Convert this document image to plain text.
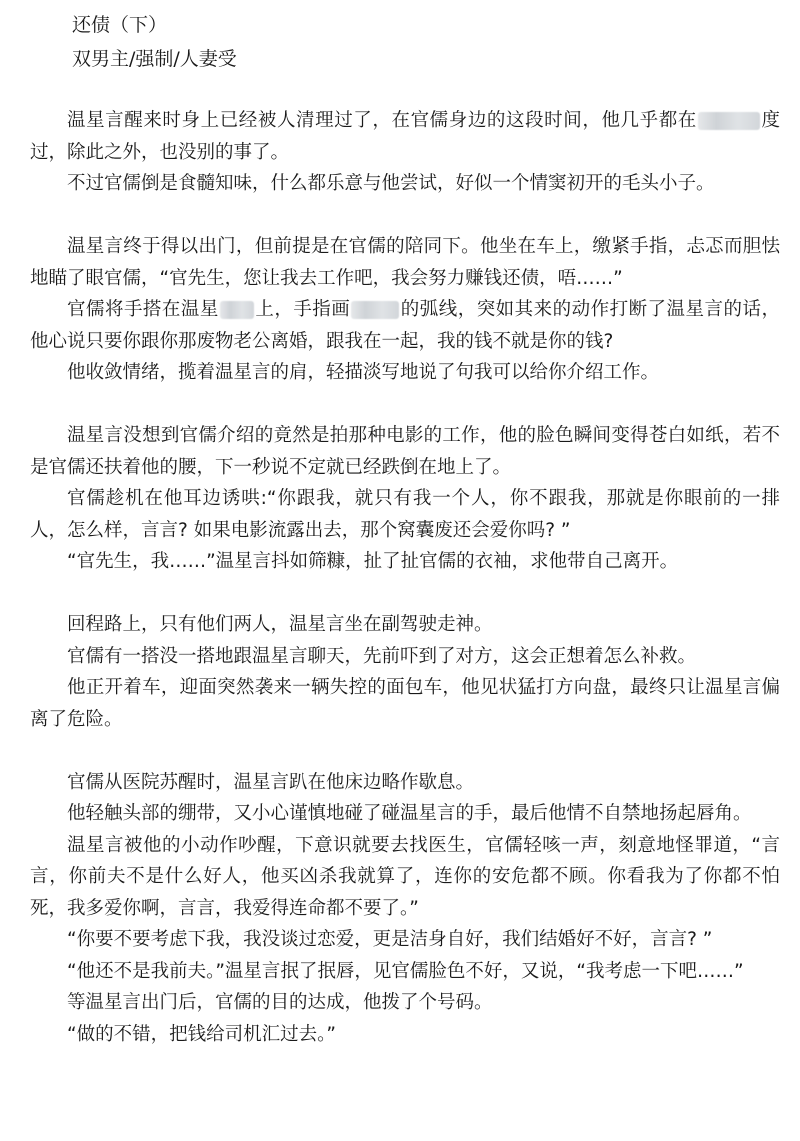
还债（下）
双男主/强制/人妻受

温星言醒来时身上已经被人清理过了，在官儒身边的这段时间，他几乎都在	度过，除此之外，也没别的事了。

不过官儒倒是食髓知味，什么都乐意与他尝试，好似一个情窦初开的毛头小子。

温星言终于得以出门，但前提是在官儒的陪同下。他坐在车上，缴紧手指，忐忑而胆怯地瞄了眼官儒，“官先生，您让我去工作吧，我会努力赚钱还债，唔……”

官儒将手搭在温星 上，手指画	的弧线，突如其来的动作打断了温星言的话，他心说只要你跟你那废物老公离婚，跟我在一起，我的钱不就是你的钱?

他收敛情绪，揽着温星言的肩，轻描淡写地说了句我可以给你介绍工作。

温星言没想到官儒介绍的竟然是拍那种电影的工作，他的脸色瞬间变得苍白如纸，若不是官儒还扶着他的腰，下一秒说不定就已经跌倒在地上了。

官儒趁机在他耳边诱哄:“你跟我，就只有我一个人，你不跟我，那就是你眼前的一排人，怎么样，言言? 如果电影流露出去，那个窝囊废还会爱你吗? ”

“官先生，我……”温星言抖如筛糠，扯了扯官儒的衣袖，求他带自己离开。

回程路上，只有他们两人，温星言坐在副驾驶走神。

官儒有一搭没一搭地跟温星言聊天，先前吓到了对方，这会正想着怎么补救。

他正开着车，迎面突然袭来一辆失控的面包车，他见状猛打方向盘，最终只让温星言偏离了危险。

官儒从医院苏醒时，温星言趴在他床边略作歇息。

他轻触头部的绷带，又小心谨慎地碰了碰温星言的手，最后他情不自禁地扬起唇角。

温星言被他的小动作吵醒，下意识就要去找医生，官儒轻咳一声，刻意地怪罪道，“言言，你前夫不是什么好人，他买凶杀我就算了，连你的安危都不顾。你看我为了你都不怕死，我多爱你啊，言言，我爱得连命都不要了。”

“你要不要考虑下我，我没谈过恋爱，更是洁身自好，我们结婚好不好，言言? ”

“他还不是我前夫。”温星言抿了抿唇，见官儒脸色不好，又说，“我考虑一下吧……”

等温星言出门后，官儒的目的达成，他拨了个号码。

“做的不错，把钱给司机汇过去。”
